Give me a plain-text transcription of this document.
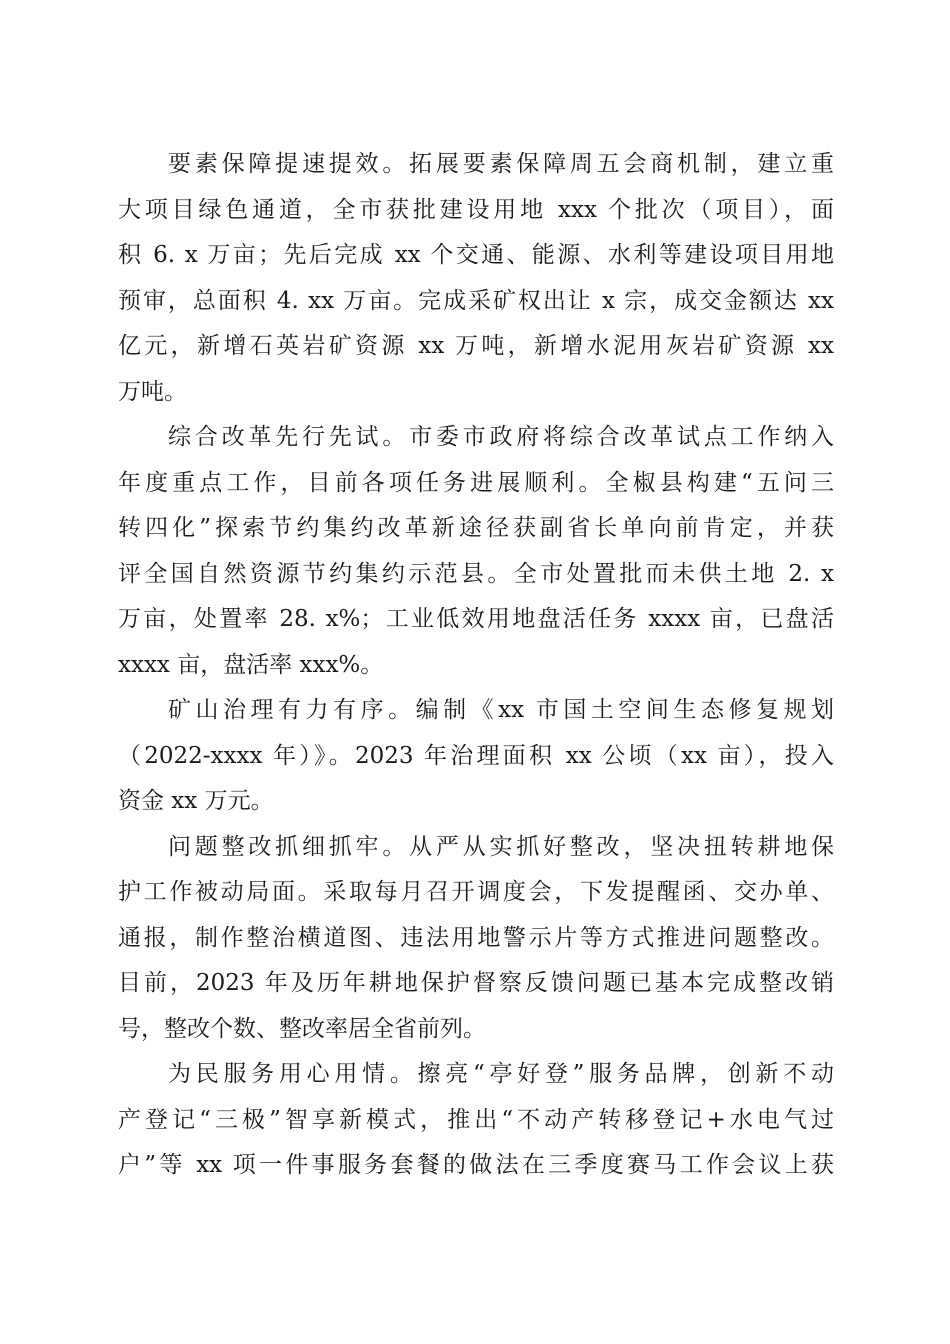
要素保障提速提效。拓展要素保障周五会商机制，建立重
大项目绿色通道，全市获批建设用地 xxx 个批次（项目），面
积 6. x 万亩；先后完成 xx 个交通、能源、水利等建设项目用地
预审，总面积 4. xx 万亩。完成采矿权出让 x 宗，成交金额达 xx
亿元，新增石英岩矿资源 xx 万吨，新增水泥用灰岩矿资源 xx
万吨。
综合改革先行先试。市委市政府将综合改革试点工作纳入
年度重点工作，目前各项任务进展顺利。全椒县构建“五问三
转四化”探索节约集约改革新途径获副省长单向前肯定，并获
评全国自然资源节约集约示范县。全市处置批而未供土地 2. x
万亩，处置率 28. x%；工业低效用地盘活任务 xxxx 亩，已盘活
xxxx 亩，盘活率 xxx%。
矿山治理有力有序。编制《xx 市国土空间生态修复规划
（2022-xxxx 年）》。2023 年治理面积 xx 公顷（xx 亩），投入
资金 xx 万元。
问题整改抓细抓牢。从严从实抓好整改，坚决扭转耕地保
护工作被动局面。采取每月召开调度会，下发提醒函、交办单、
通报，制作整治横道图、违法用地警示片等方式推进问题整改。
目前，2023 年及历年耕地保护督察反馈问题已基本完成整改销
号，整改个数、整改率居全省前列。
为民服务用心用情。擦亮“亭好登”服务品牌，创新不动
产登记“三极”智享新模式，推出“不动产转移登记+水电气过
户”等 xx 项一件事服务套餐的做法在三季度赛马工作会议上获
